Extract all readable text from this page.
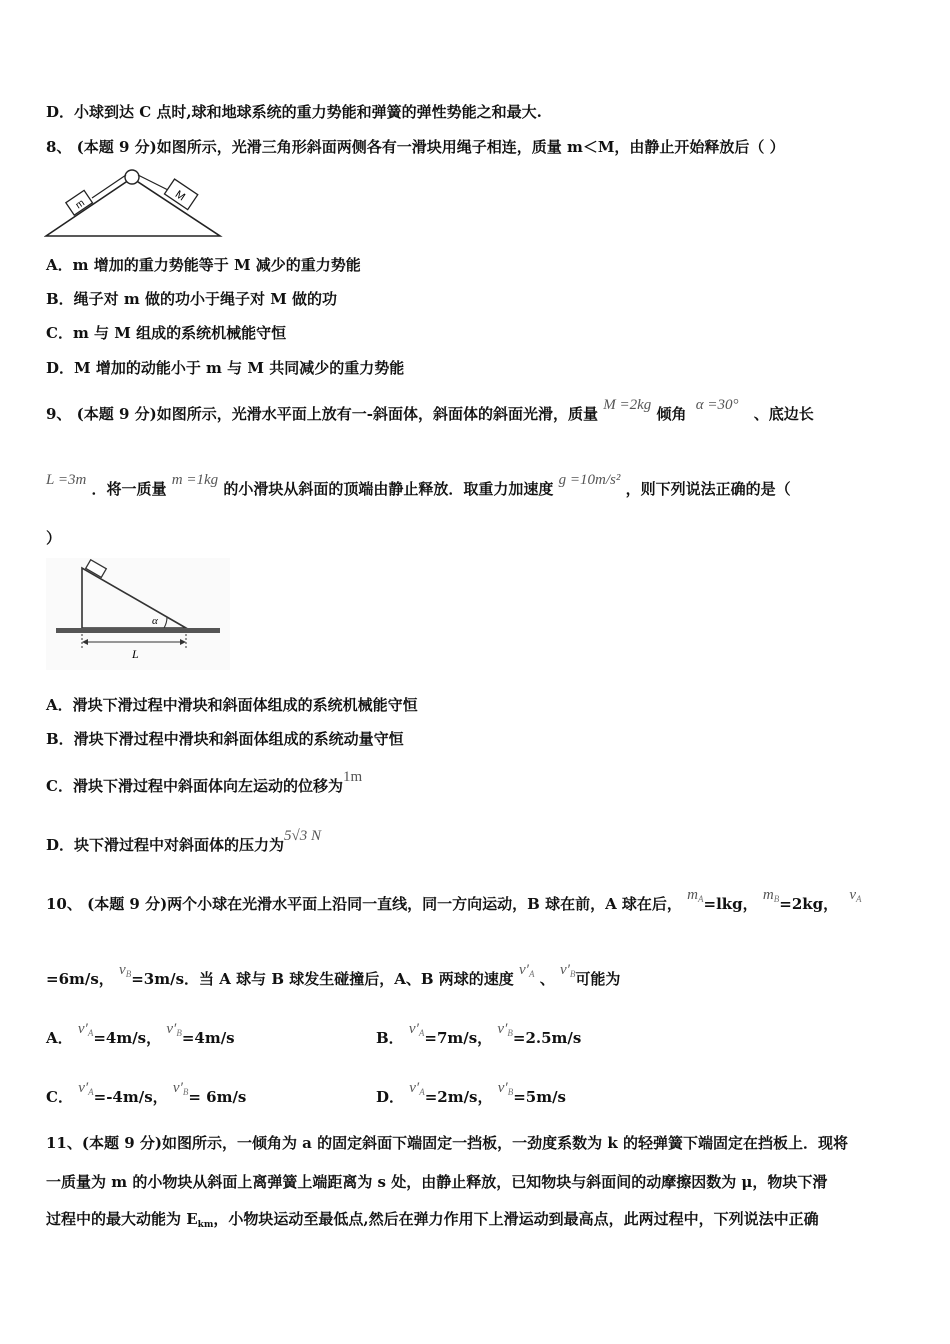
D．小球到达 C 点时,球和地球系统的重力势能和弹簧的弹性势能之和最大.
8、 (本题 9 分)如图所示，光滑三角形斜面两侧各有一滑块用绳子相连，质量 m＜M，由静止开始释放后（ ）
m
M
A．m 增加的重力势能等于 M 减少的重力势能
B．绳子对 m 做的功小于绳子对 M 做的功
C．m 与 M 组成的系统机械能守恒
D．M 增加的动能小于 m 与 M 共同减少的重力势能
9、 (本题 9 分)如图所示，光滑水平面上放有一-斜面体，斜面体的斜面光滑，质量 M =2kg 倾角 α =30° 、底边长
L =3m ．将一质量 m =1kg 的小滑块从斜面的顶端由静止释放．取重力加速度 g =10m/s² ，则下列说法正确的是（
）
α
L
A．滑块下滑过程中滑块和斜面体组成的系统机械能守恒
B．滑块下滑过程中滑块和斜面体组成的系统动量守恒
C．滑块下滑过程中斜面体向左运动的位移为1m
D．块下滑过程中对斜面体的压力为5√3 N
10、 (本题 9 分)两个小球在光滑水平面上沿同一直线，同一方向运动，B 球在前，A 球在后， $m_A=lkg$， $m_B=2kg$， $v_A$
=6m/s， $v_B=3m/s$．当 A 球与 B 球发生碰撞后，A、B 两球的速度 $v'_A$ 、 $v'_B$可能为
A． $v'_A=4m/s$， $v'_B=4m/s$	B． $v'_A=7m/s$， $v'_B=2.5m/s$
C． $v'_A=-4m/s$， $v'_B= 6m/s$	D． $v'_A=2m/s$， $v'_B=5m/s$
11、(本题 9 分)如图所示，一倾角为 a 的固定斜面下端固定一挡板，一劲度系数为 k 的轻弹簧下端固定在挡板上．现将
一质量为 m 的小物块从斜面上离弹簧上端距离为 s 处，由静止释放，已知物块与斜面间的动摩擦因数为 μ，物块下滑
过程中的最大动能为 $E_{km}$，小物块运动至最低点,然后在弹力作用下上滑运动到最高点，此两过程中，下列说法中正确
